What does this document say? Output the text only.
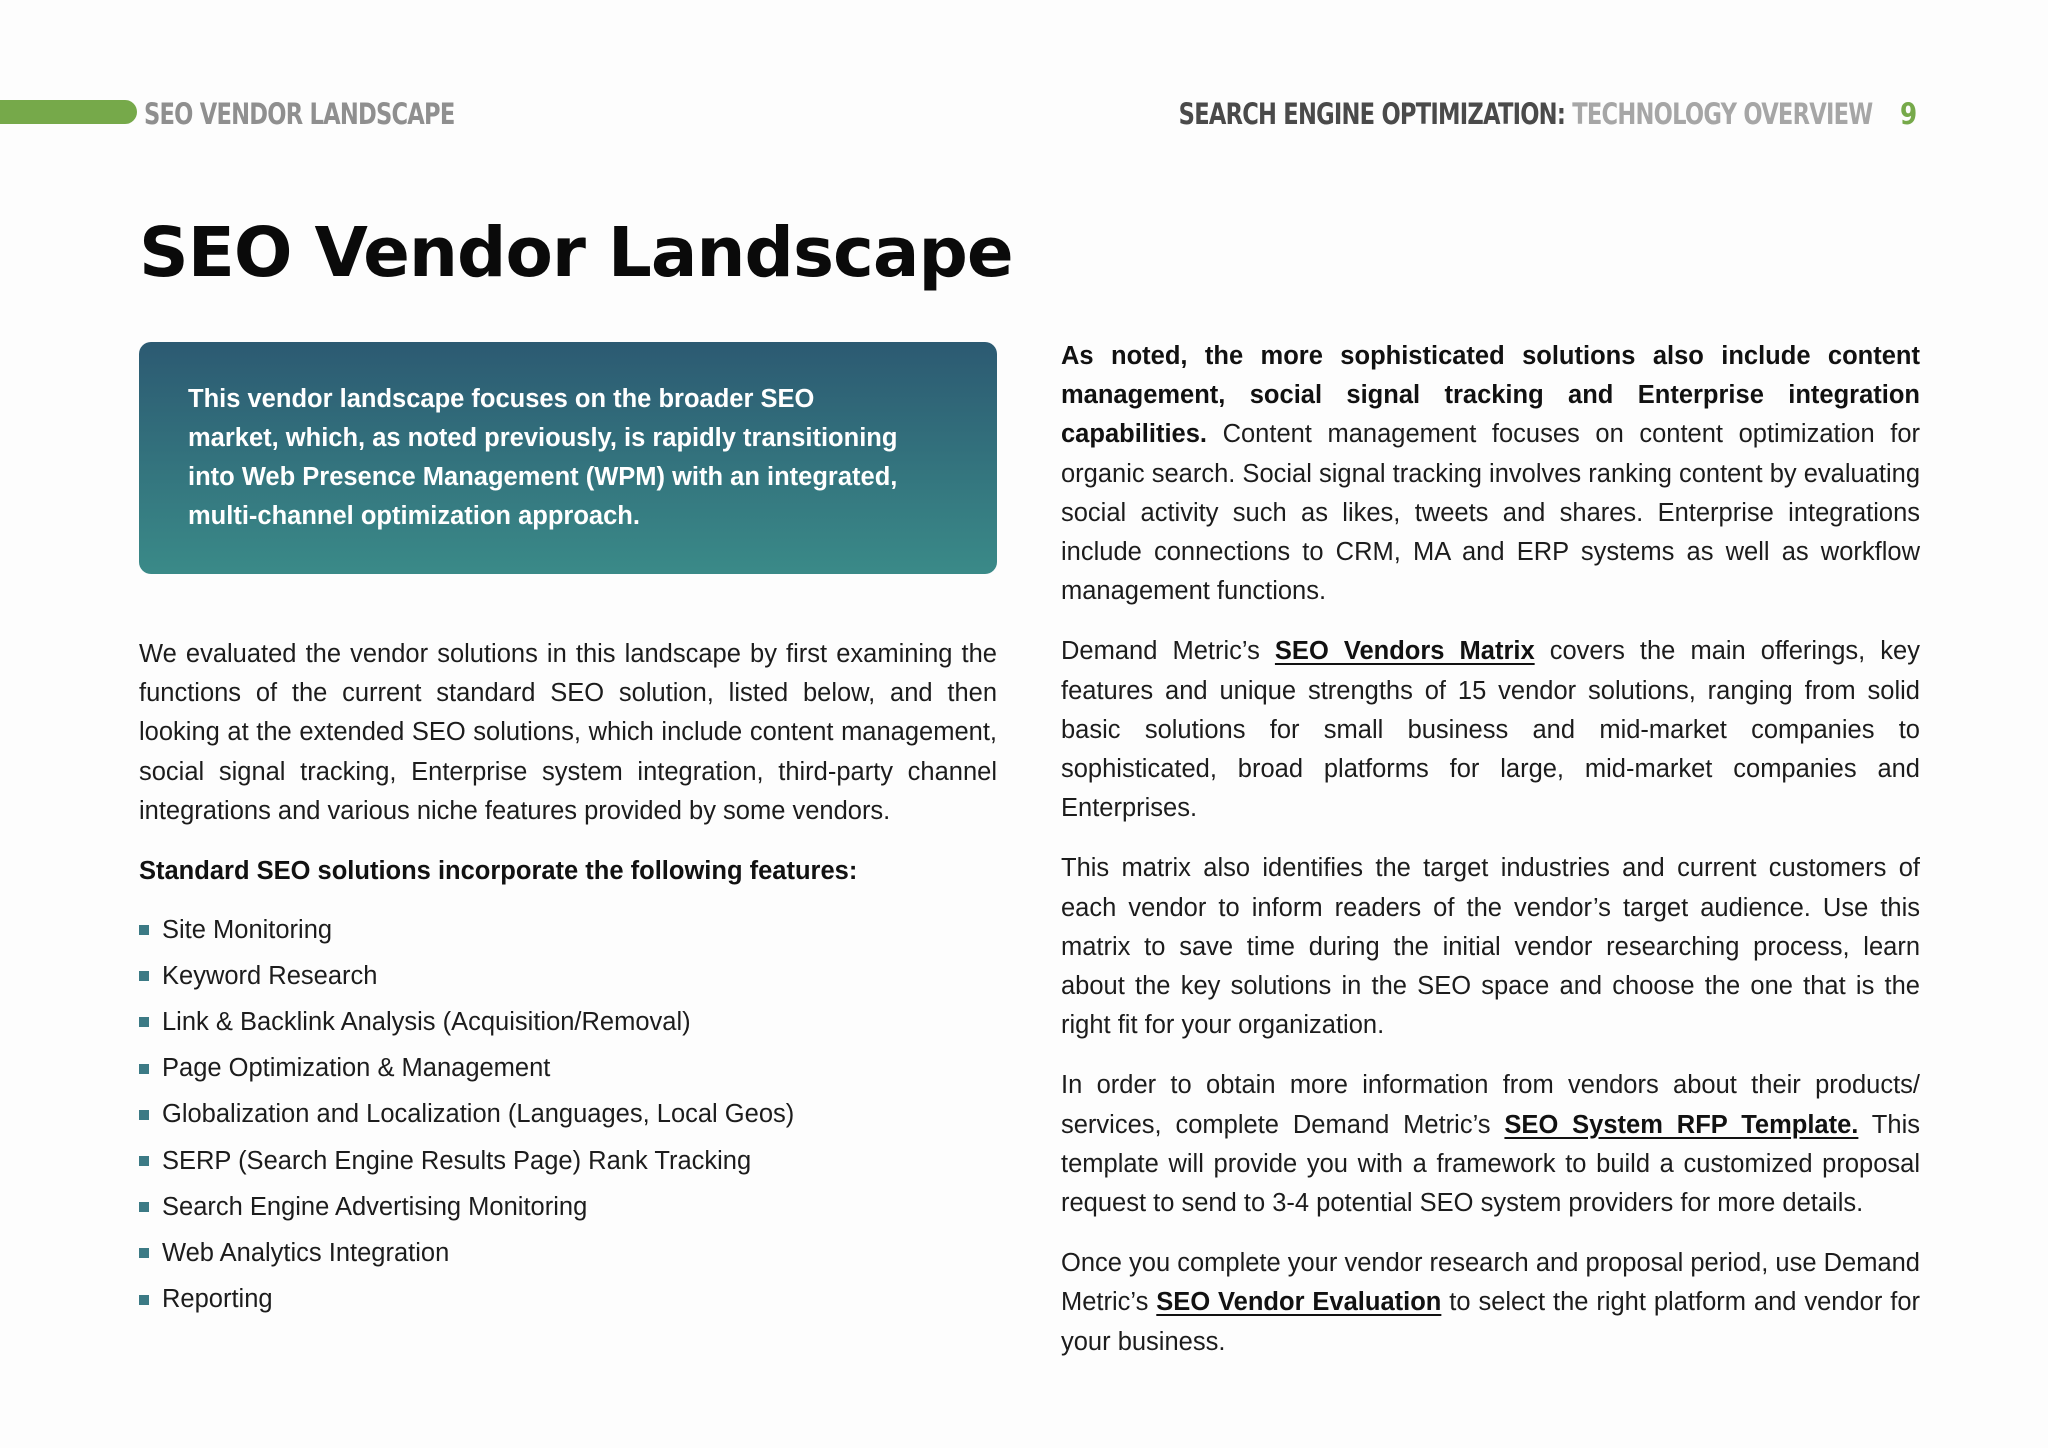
SEO VENDOR LANDSCAPE	SEARCH ENGINE OPTIMIZATION: TECHNOLOGY OVERVIEW 9
SEO Vendor Landscape

This vendor landscape focuses on the broader SEO market, which, as noted previously, is rapidly transitioning into Web Presence Management (WPM) with an integrated, multi-channel optimization approach.

We evaluated the vendor solutions in this landscape by first examining the functions of the current standard SEO solution, listed below, and then looking at the extended SEO solutions, which include content management, social signal tracking, Enterprise system integration, third-party channel integrations and various niche features provided by some vendors.

Standard SEO solutions incorporate the following features:

Site Monitoring
Keyword Research
Link & Backlink Analysis (Acquisition/Removal)
Page Optimization & Management
Globalization and Localization (Languages, Local Geos)
SERP (Search Engine Results Page) Rank Tracking
Search Engine Advertising Monitoring
Web Analytics Integration
Reporting

As noted, the more sophisticated solutions also include content management, social signal tracking and Enterprise integration capabilities. Content management focuses on content optimization for organic search. Social signal tracking involves ranking content by evaluating social activity such as likes, tweets and shares. Enterprise integrations include connections to CRM, MA and ERP systems as well as workflow management functions.

Demand Metric’s SEO Vendors Matrix covers the main offerings, key features and unique strengths of 15 vendor solutions, ranging from solid basic solutions for small business and mid-market companies to sophisticated, broad platforms for large, mid-market companies and Enterprises.

This matrix also identifies the target industries and current customers of each vendor to inform readers of the vendor’s target audience. Use this matrix to save time during the initial vendor researching process, learn about the key solutions in the SEO space and choose the one that is the right fit for your organization.

In order to obtain more information from vendors about their products/ services, complete Demand Metric’s SEO System RFP Template. This template will provide you with a framework to build a customized proposal request to send to 3-4 potential SEO system providers for more details.

Once you complete your vendor research and proposal period, use Demand Metric’s SEO Vendor Evaluation to select the right platform and vendor for your business.
